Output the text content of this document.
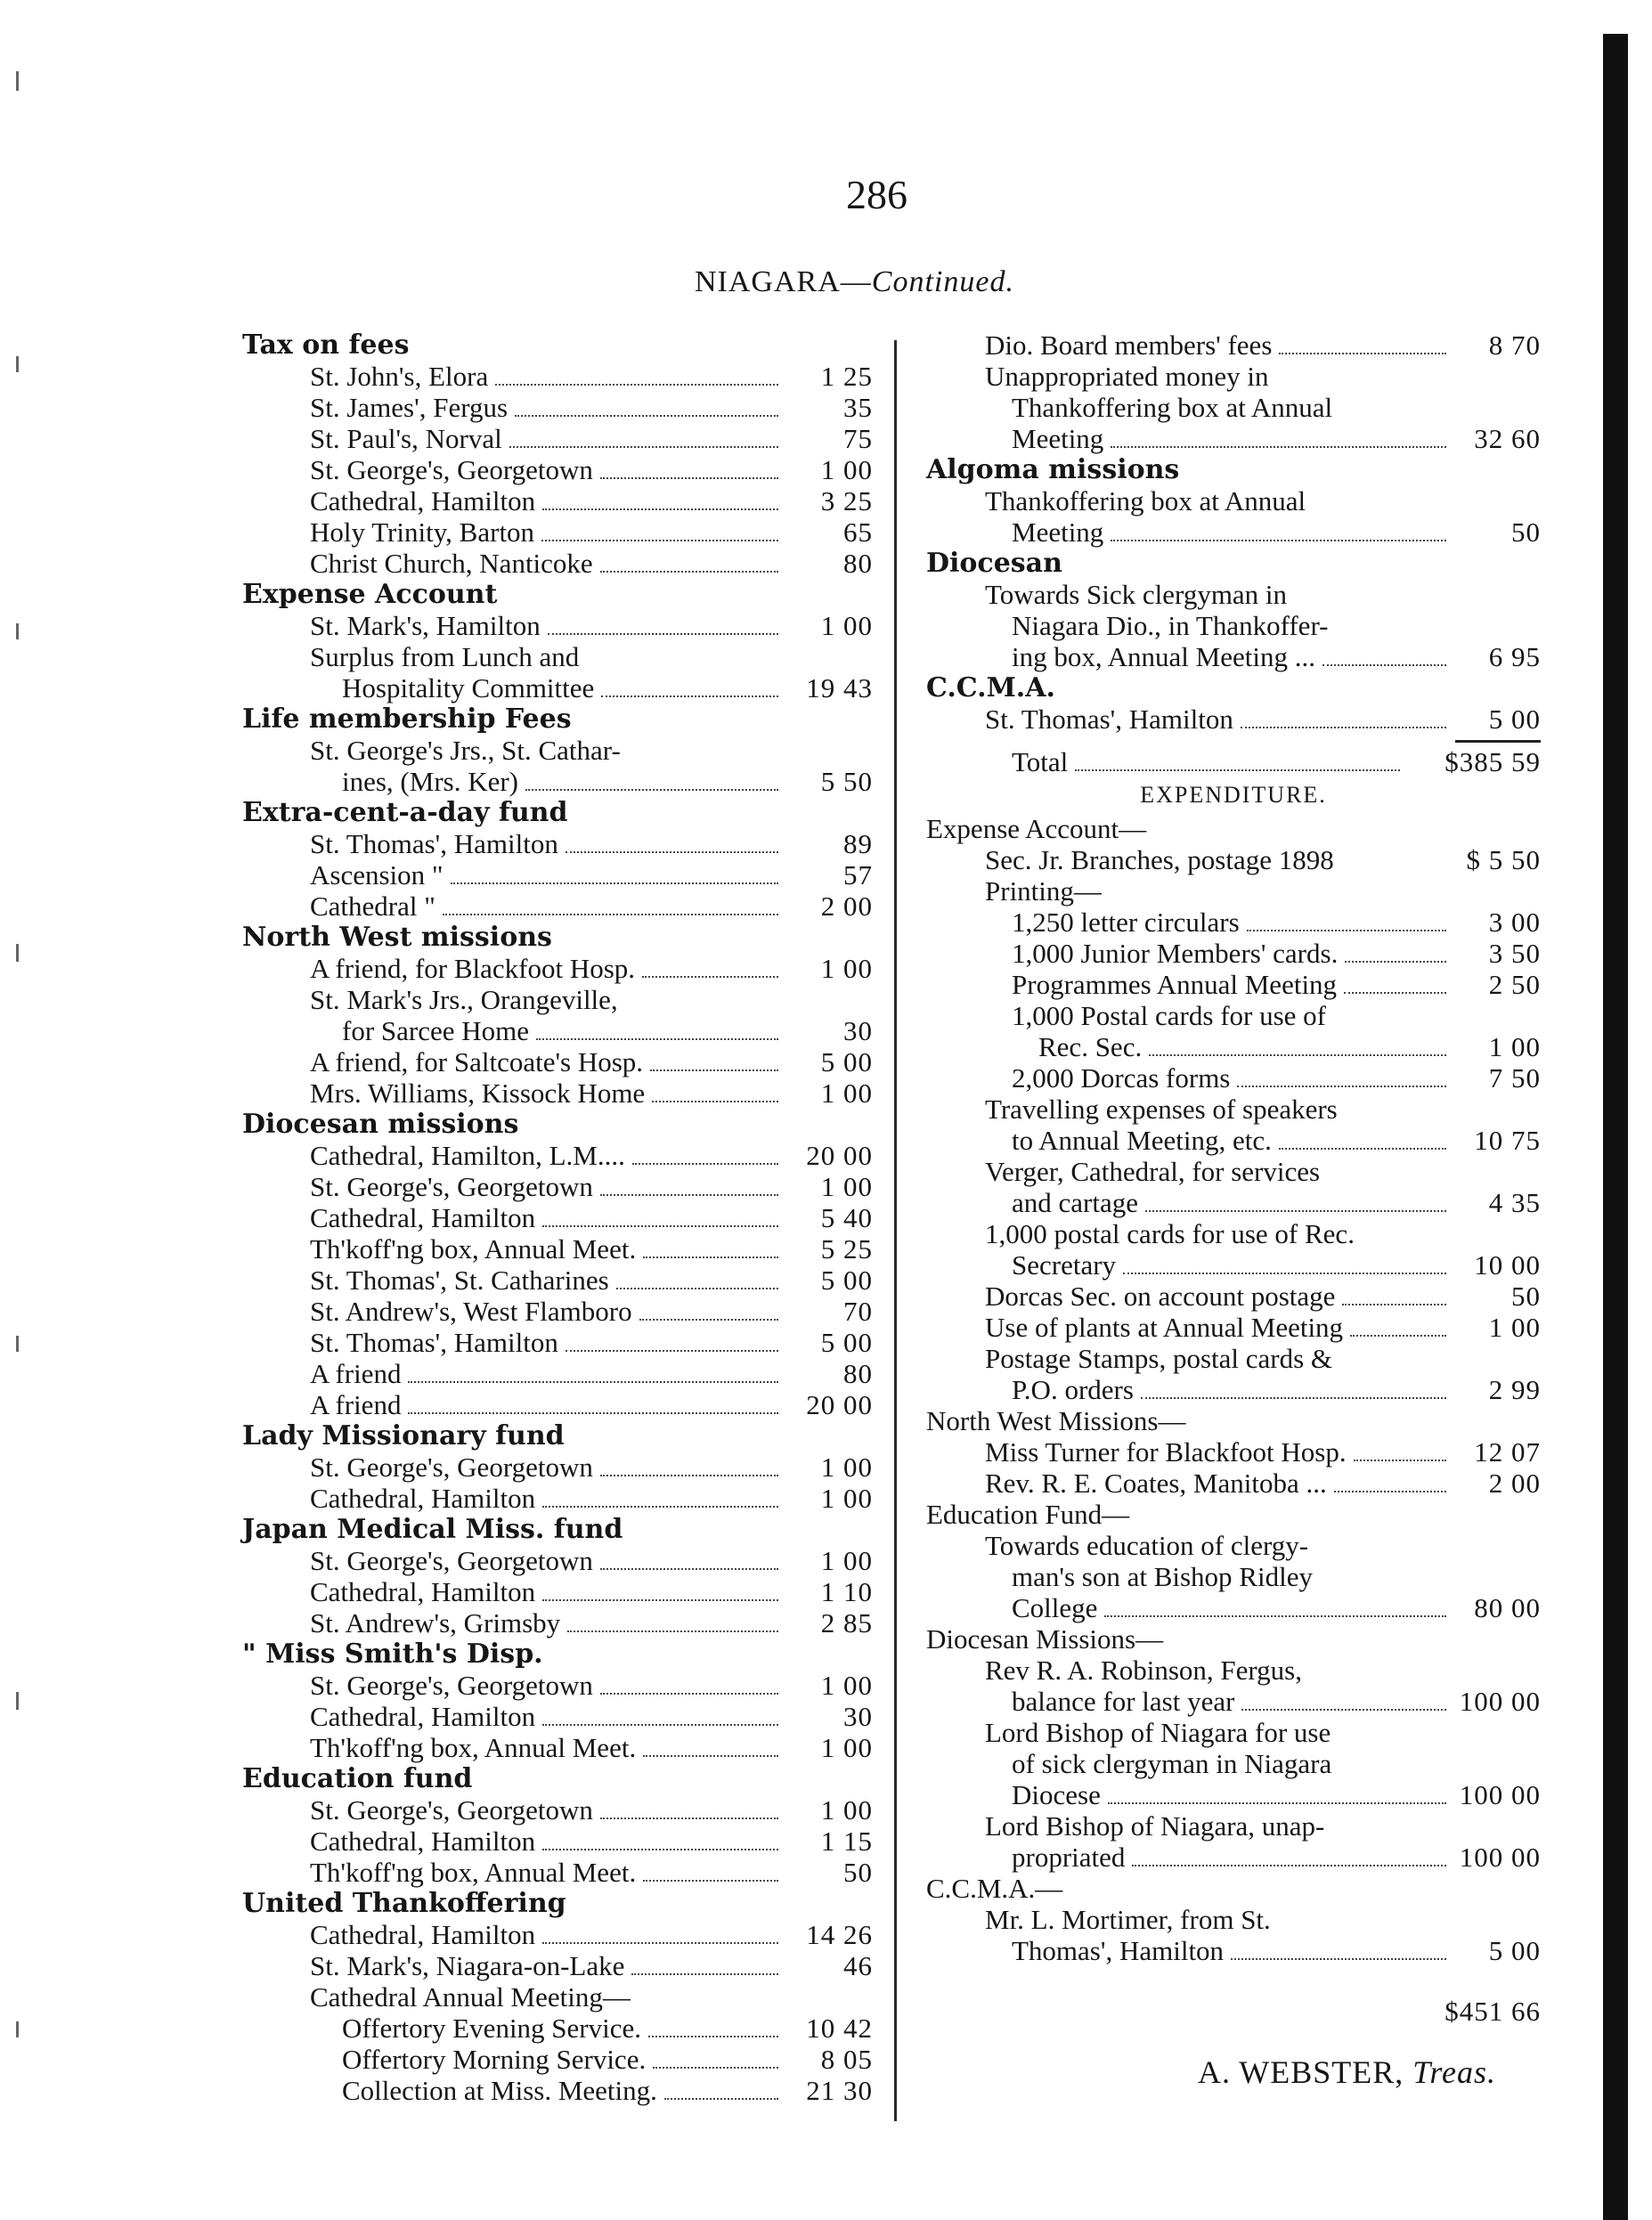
286
NIAGARA—Continued.
Tax on fees
St. John's, Elora	1 25
St. James', Fergus	35
St. Paul's, Norval	75
St. George's, Georgetown	1 00
Cathedral, Hamilton	3 25
Holy Trinity, Barton	65
Christ Church, Nanticoke	80
Expense Account
St. Mark's, Hamilton	1 00
Surplus from Lunch and
Hospitality Committee	19 43
Life membership Fees
St. George's Jrs., St. Cathar-
ines, (Mrs. Ker)	5 50
Extra-cent-a-day fund
St. Thomas', Hamilton	89
Ascension "	57
Cathedral "	2 00
North West missions
A friend, for Blackfoot Hosp.	1 00
St. Mark's Jrs., Orangeville,
for Sarcee Home	30
A friend, for Saltcoate's Hosp.	5 00
Mrs. Williams, Kissock Home	1 00
Diocesan missions
Cathedral, Hamilton, L.M....	20 00
St. George's, Georgetown	1 00
Cathedral, Hamilton	5 40
Th'koff'ng box, Annual Meet.	5 25
St. Thomas', St. Catharines	5 00
St. Andrew's, West Flamboro	70
St. Thomas', Hamilton	5 00
A friend	80
A friend	20 00
Lady Missionary fund
St. George's, Georgetown	1 00
Cathedral, Hamilton	1 00
Japan Medical Miss. fund
St. George's, Georgetown	1 00
Cathedral, Hamilton	1 10
St. Andrew's, Grimsby	2 85
" Miss Smith's Disp.
St. George's, Georgetown	1 00
Cathedral, Hamilton	30
Th'koff'ng box, Annual Meet.	1 00
Education fund
St. George's, Georgetown	1 00
Cathedral, Hamilton	1 15
Th'koff'ng box, Annual Meet.	50
United Thankoffering
Cathedral, Hamilton	14 26
St. Mark's, Niagara-on-Lake	46
Cathedral Annual Meeting—
Offertory Evening Service.	10 42
Offertory Morning Service.	8 05
Collection at Miss. Meeting.	21 30
Dio. Board members' fees	8 70
Unappropriated money in
Thankoffering box at Annual
Meeting	32 60
Algoma missions
Thankoffering box at Annual
Meeting	50
Diocesan
Towards Sick clergyman in
Niagara Dio., in Thankoffer-
ing box, Annual Meeting ...	6 95
C.C.M.A.
St. Thomas', Hamilton	5 00
Total	$385 59
EXPENDITURE.
Expense Account—
Sec. Jr. Branches, postage 1898	$ 5 50
Printing—
1,250 letter circulars	3 00
1,000 Junior Members' cards.	3 50
Programmes Annual Meeting	2 50
1,000 Postal cards for use of
Rec. Sec.	1 00
2,000 Dorcas forms	7 50
Travelling expenses of speakers
to Annual Meeting, etc.	10 75
Verger, Cathedral, for services
and cartage	4 35
1,000 postal cards for use of Rec.
Secretary	10 00
Dorcas Sec. on account postage	50
Use of plants at Annual Meeting	1 00
Postage Stamps, postal cards &
P.O. orders	2 99
North West Missions—
Miss Turner for Blackfoot Hosp.	12 07
Rev. R. E. Coates, Manitoba ...	2 00
Education Fund—
Towards education of clergy-
man's son at Bishop Ridley
College	80 00
Diocesan Missions—
Rev R. A. Robinson, Fergus,
balance for last year	100 00
Lord Bishop of Niagara for use
of sick clergyman in Niagara
Diocese	100 00
Lord Bishop of Niagara, unap-
propriated	100 00
C.C.M.A.—
Mr. L. Mortimer, from St.
Thomas', Hamilton	5 00
$451 66
A. WEBSTER, Treas.
